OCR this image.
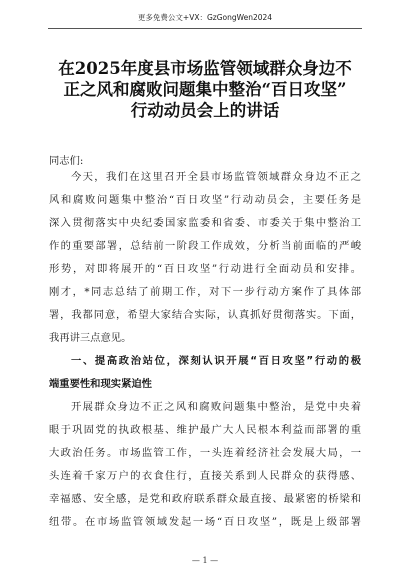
更多免费公文+VX：GzGongWen2024
在2025年度县市场监管领域群众身边不
正之风和腐败问题集中整治“百日攻坚”
行动动员会上的讲话
同志们:
今天，我们在这里召开全县市场监管领域群众身边不正之
风和腐败问题集中整治“百日攻坚”行动动员会，主要任务是
深入贯彻落实中央纪委国家监委和省委、市委关于集中整治工
作的重要部署，总结前一阶段工作成效，分析当前面临的严峻
形势，对即将展开的“百日攻坚”行动进行全面动员和安排。
刚才，*同志总结了前期工作，对下一步行动方案作了具体部
署，我都同意，希望大家结合实际，认真抓好贯彻落实。下面，
我再讲三点意见。
一、提高政治站位，深刻认识开展“百日攻坚”行动的极
端重要性和现实紧迫性
开展群众身边不正之风和腐败问题集中整治，是党中央着
眼于巩固党的执政根基、维护最广大人民根本利益而部署的重
大政治任务。市场监管工作，一头连着经济社会发展大局，一
头连着千家万户的衣食住行，直接关系到人民群众的获得感、
幸福感、安全感，是党和政府联系群众最直接、最紧密的桥梁和
纽带。在市场监管领域发起一场“百日攻坚”，既是上级部署
— 1 —
